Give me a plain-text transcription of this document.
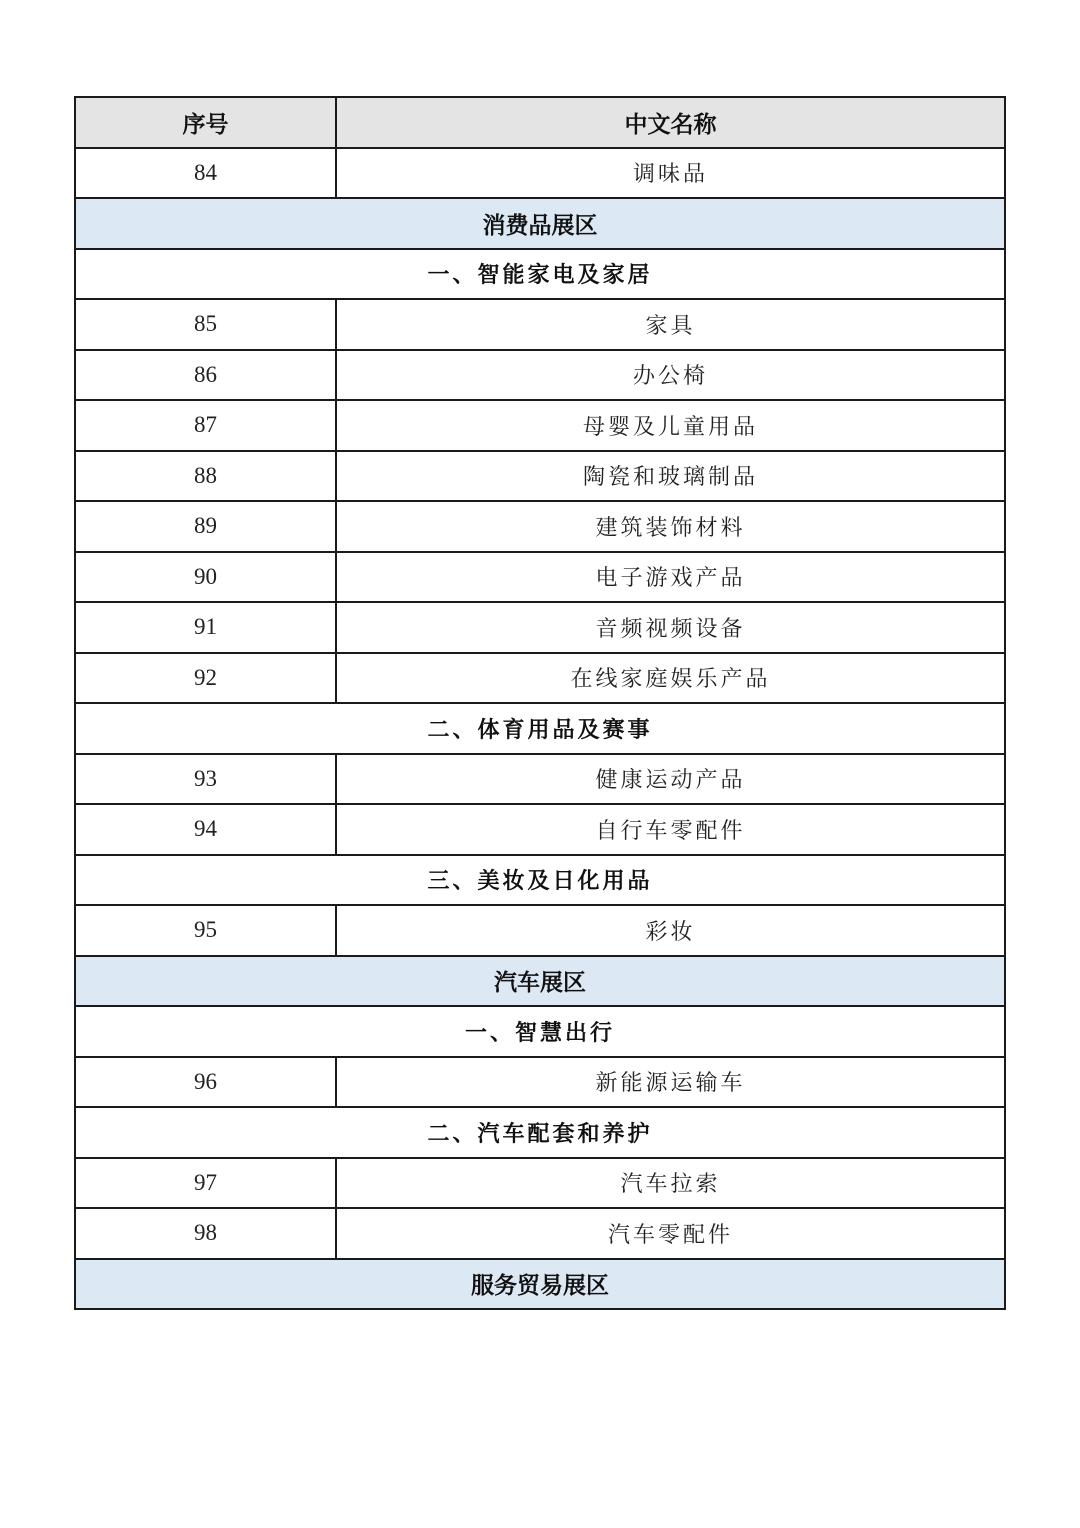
序号	中文名称
84	调味品
消费品展区	
一、智能家电及家居	
85	家具
86	办公椅
87	母婴及儿童用品
88	陶瓷和玻璃制品
89	建筑装饰材料
90	电子游戏产品
91	音频视频设备
92	在线家庭娱乐产品
二、体育用品及赛事	
93	健康运动产品
94	自行车零配件
三、美妆及日化用品	
95	彩妆
汽车展区	
一、智慧出行	
96	新能源运输车
二、汽车配套和养护	
97	汽车拉索
98	汽车零配件
服务贸易展区	
